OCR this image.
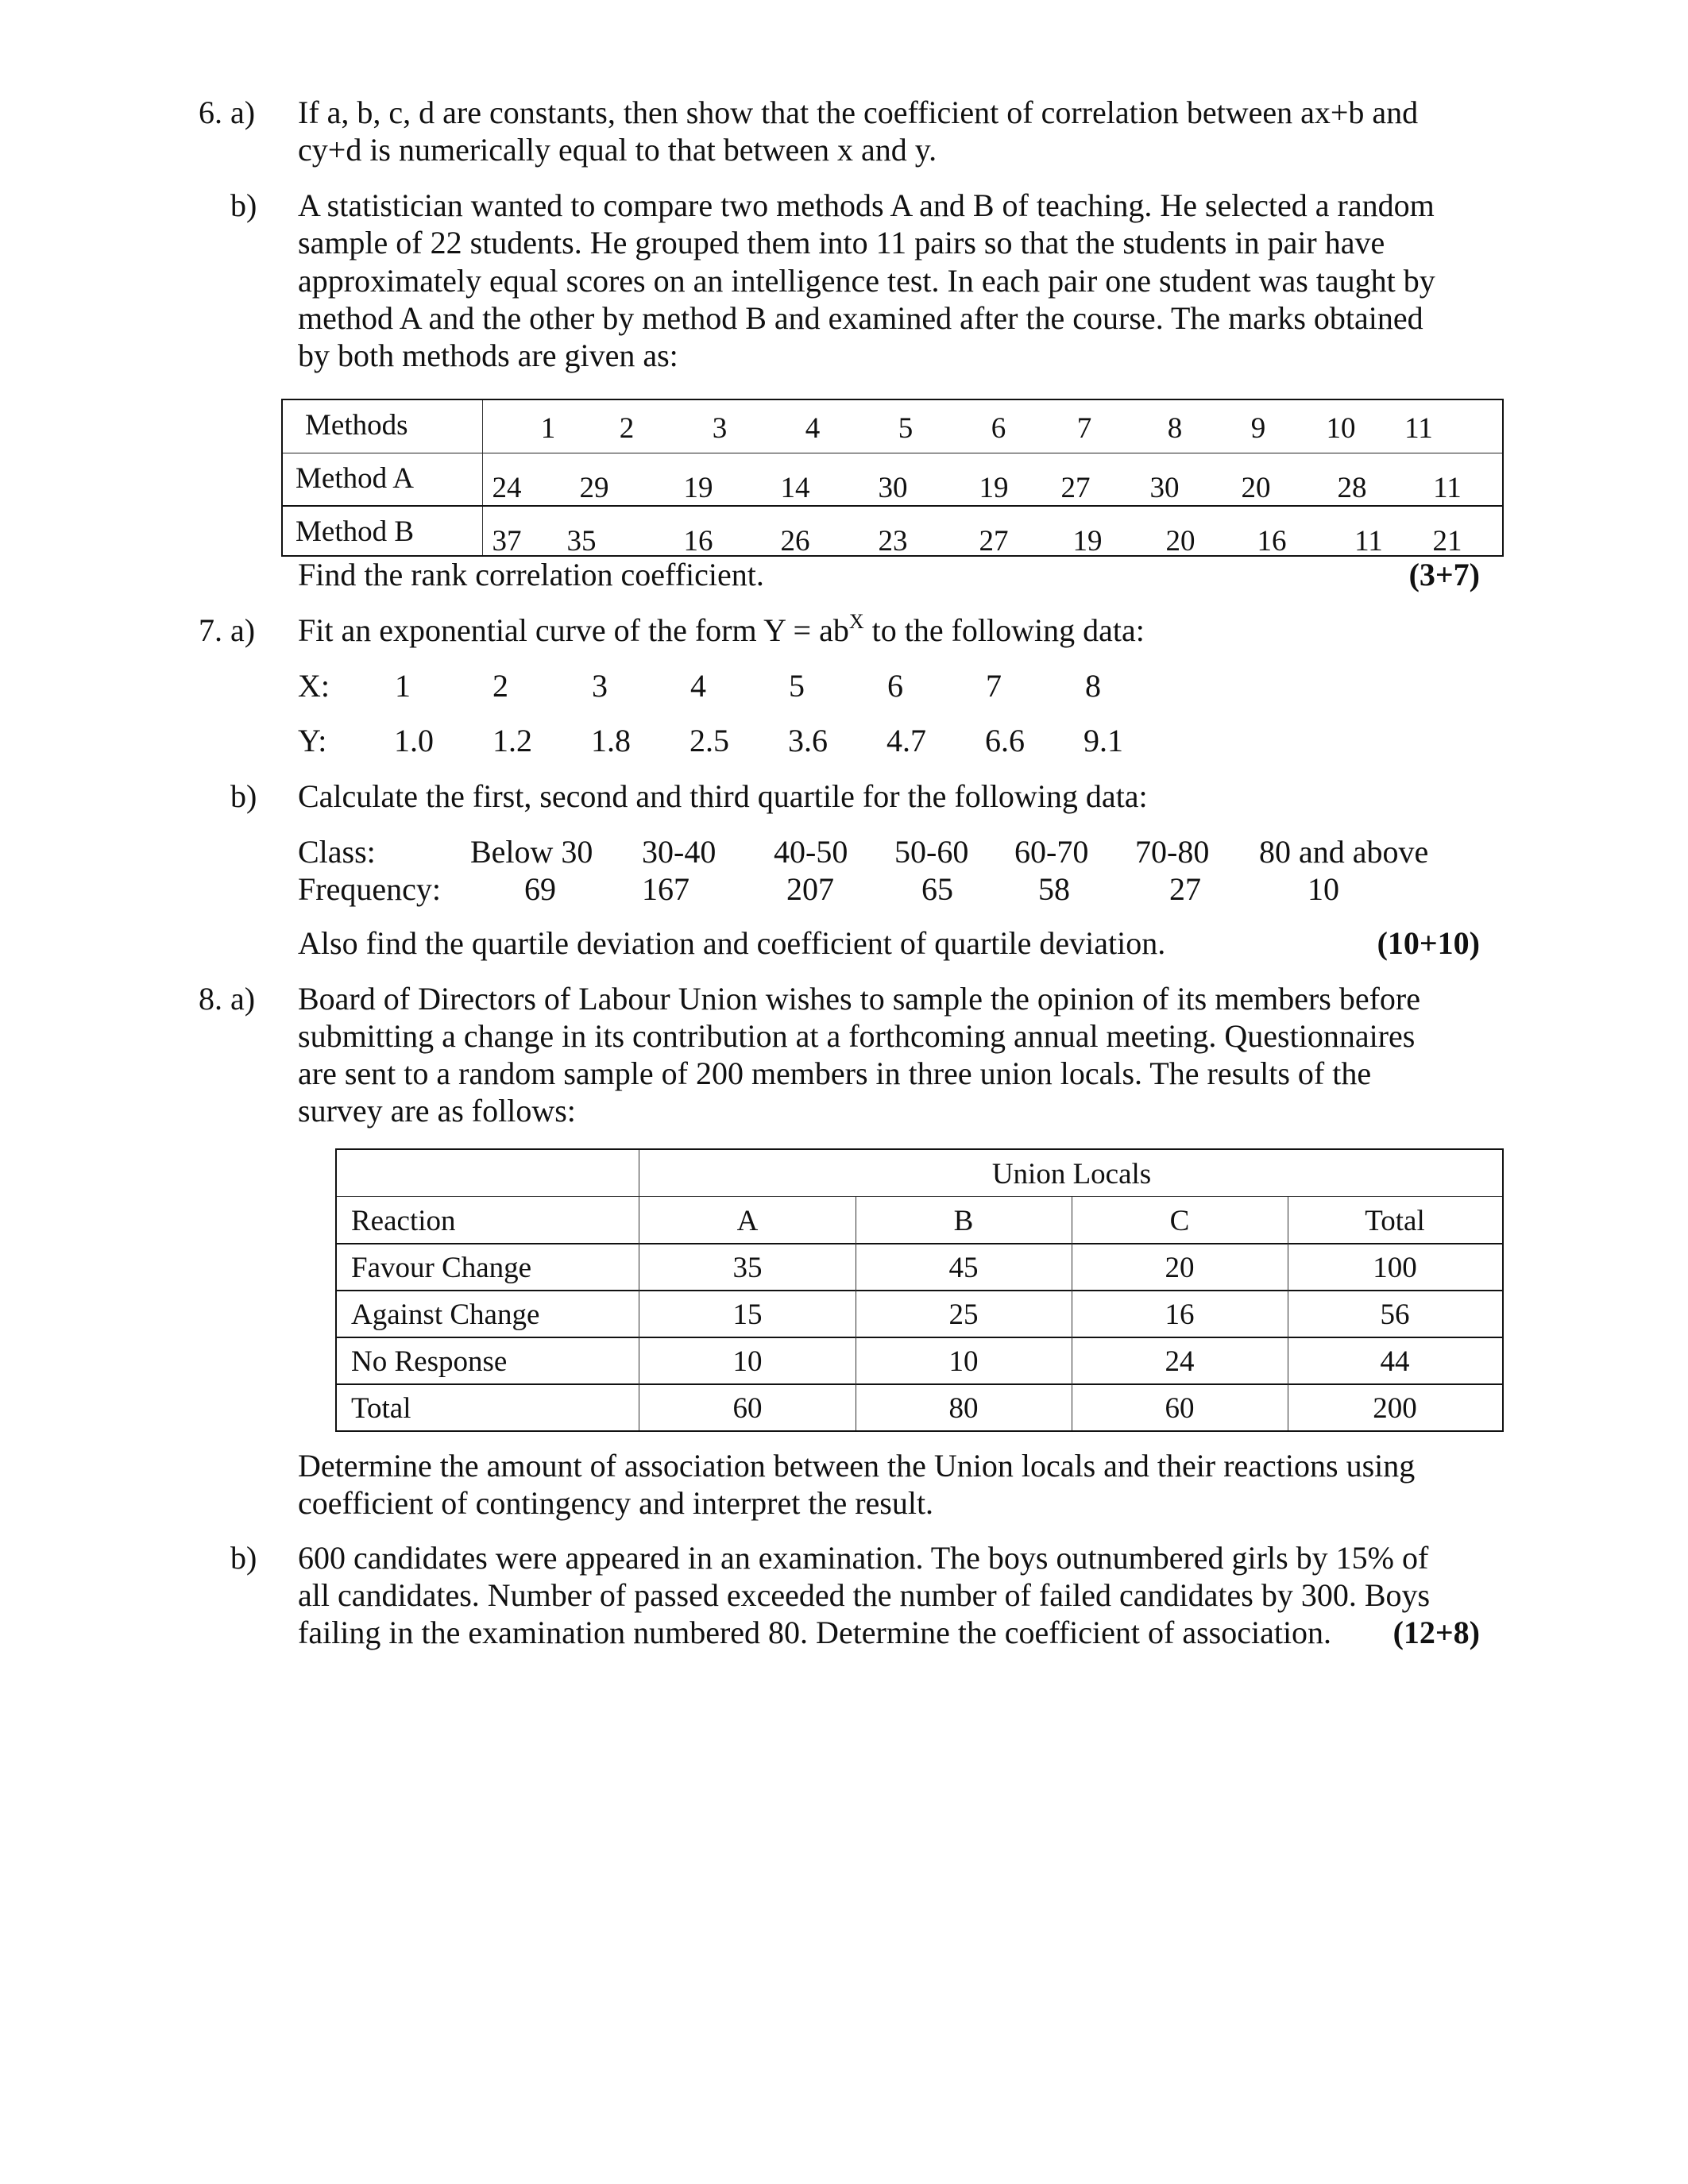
6. a) If a, b, c, d are constants, then show that the coefficient of correlation between ax+b and
cy+d is numerically equal to that between x and y.
b) A statistician wanted to compare two methods A and B of teaching. He selected a random
sample of 22 students. He grouped them into 11 pairs so that the students in pair have
approximately equal scores on an intelligence test. In each pair one student was taught by
method A and the other by method B and examined after the course. The marks obtained
by both methods are given as:
Methods	1 2	3	4	5	6 7	8 9 10 11
Method A	24 29	19 14 30 19 27 30 20 28 11
Method B	37 35	16 26 23 27 19 20 16 11 21
Find the rank correlation coefficient.	(3+7)
7. a) Fit an exponential curve of the form $Y = ab^X$ to the following data:
X: 1	2	3	4	5	6	7	8
Y: 1.0 1.2 1.8 2.5 3.6 4.7 6.6 9.1
b) Calculate the first, second and third quartile for the following data:
Class:	Below 30 30-40 40-50 50-60 60-70 70-80 80 and above
Frequency:	69	167	207	65	58	27	10
Also find the quartile deviation and coefficient of quartile deviation.	(10+10)
8. a) Board of Directors of Labour Union wishes to sample the opinion of its members before
submitting a change in its contribution at a forthcoming annual meeting. Questionnaires
are sent to a random sample of 200 members in three union locals. The results of the
survey are as follows:
Union Locals
Reaction	A	B	C	Total
Favour Change	35	45	20	100
Against Change	15	25	16	56
No Response	10	10	24	44
Total	60	80	60	200
Determine the amount of association between the Union locals and their reactions using
coefficient of contingency and interpret the result.
b) 600 candidates were appeared in an examination. The boys outnumbered girls by 15% of
all candidates. Number of passed exceeded the number of failed candidates by 300. Boys
failing in the examination numbered 80. Determine the coefficient of association. (12+8)
